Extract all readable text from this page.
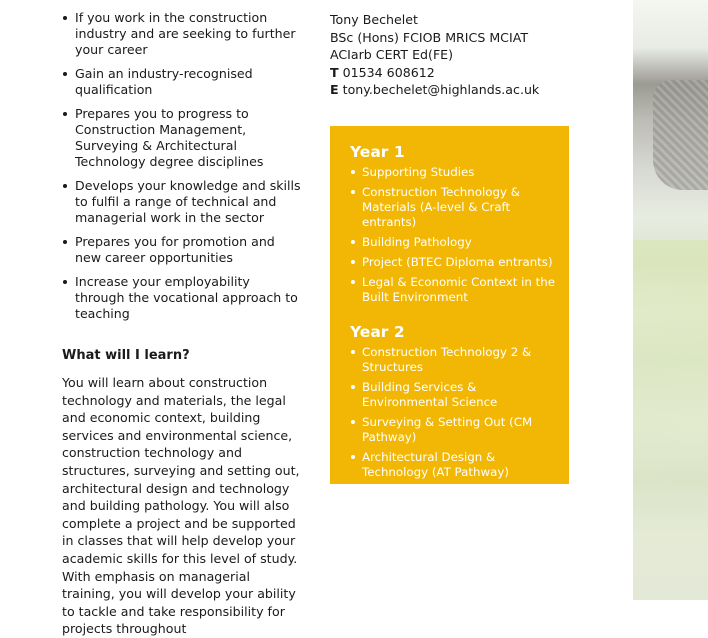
If you work in the construction industry and are seeking to further your career
Gain an industry-recognised qualification
Prepares you to progress to Construction Management, Surveying & Architectural Technology degree disciplines
Develops your knowledge and skills to fulfil a range of technical and managerial work in the sector
Prepares you for promotion and new career opportunities
Increase your employability through the vocational approach to teaching
What will I learn?

You will learn about construction technology and materials, the legal and economic context, building services and environmental science, construction technology and structures, surveying and setting out, architectural design and technology and building pathology. You will also complete a project and be supported in classes that will help develop your academic skills for this level of study. With emphasis on managerial training, you will develop your ability to tackle and take responsibility for projects throughout

Tony Bechelet
BSc (Hons) FCIOB MRICS MCIAT ACIarb CERT Ed(FE)
T 01534 608612
E tony.bechelet@highlands.ac.uk
Year 1
Supporting Studies
Construction Technology & Materials (A-level & Craft entrants)
Building Pathology
Project (BTEC Diploma entrants)
Legal & Economic Context in the Built Environment
Year 2
Construction Technology 2 & Structures
Building Services & Environmental Science
Surveying & Setting Out (CM Pathway)
Architectural Design & Technology (AT Pathway)
